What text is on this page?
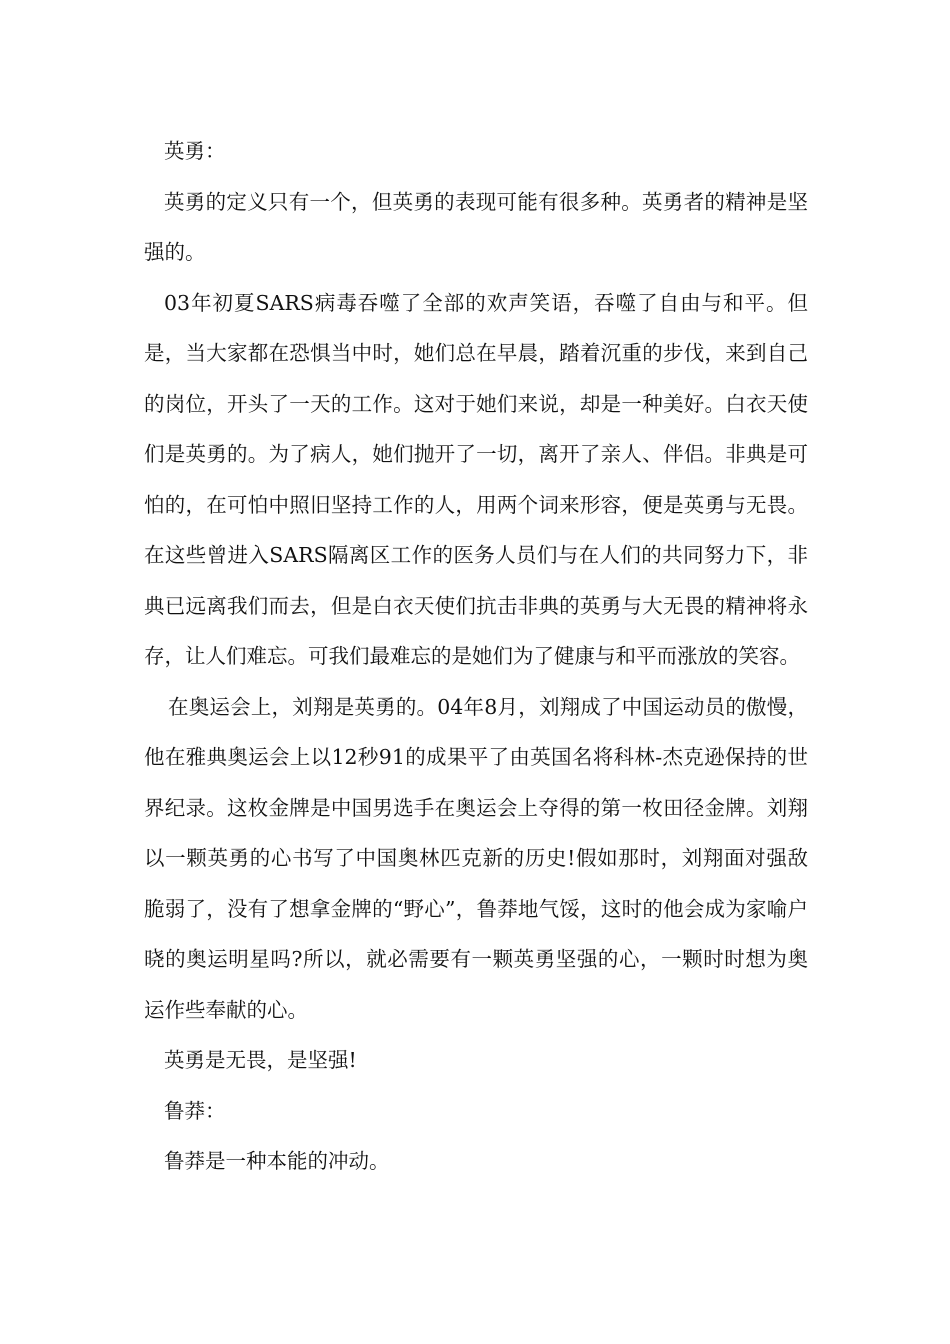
英勇：

英勇的定义只有一个，但英勇的表现可能有很多种。英勇者的精神是坚强的。

03年初夏SARS病毒吞噬了全部的欢声笑语，吞噬了自由与和平。但是，当大家都在恐惧当中时，她们总在早晨，踏着沉重的步伐，来到自己的岗位，开头了一天的工作。这对于她们来说，却是一种美好。白衣天使们是英勇的。为了病人，她们抛开了一切，离开了亲人、伴侣。非典是可怕的，在可怕中照旧坚持工作的人，用两个词来形容，便是英勇与无畏。在这些曾进入SARS隔离区工作的医务人员们与在人们的共同努力下，非典已远离我们而去，但是白衣天使们抗击非典的英勇与大无畏的精神将永存，让人们难忘。可我们最难忘的是她们为了健康与和平而涨放的笑容。

在奥运会上，刘翔是英勇的。04年8月，刘翔成了中国运动员的傲慢，他在雅典奥运会上以12秒91的成果平了由英国名将科林-杰克逊保持的世界纪录。这枚金牌是中国男选手在奥运会上夺得的第一枚田径金牌。刘翔以一颗英勇的心书写了中国奥林匹克新的历史!假如那时，刘翔面对强敌脆弱了，没有了想拿金牌的“野心”，鲁莽地气馁，这时的他会成为家喻户晓的奥运明星吗?所以，就必需要有一颗英勇坚强的心，一颗时时想为奥运作些奉献的心。

英勇是无畏，是坚强!

鲁莽：

鲁莽是一种本能的冲动。
